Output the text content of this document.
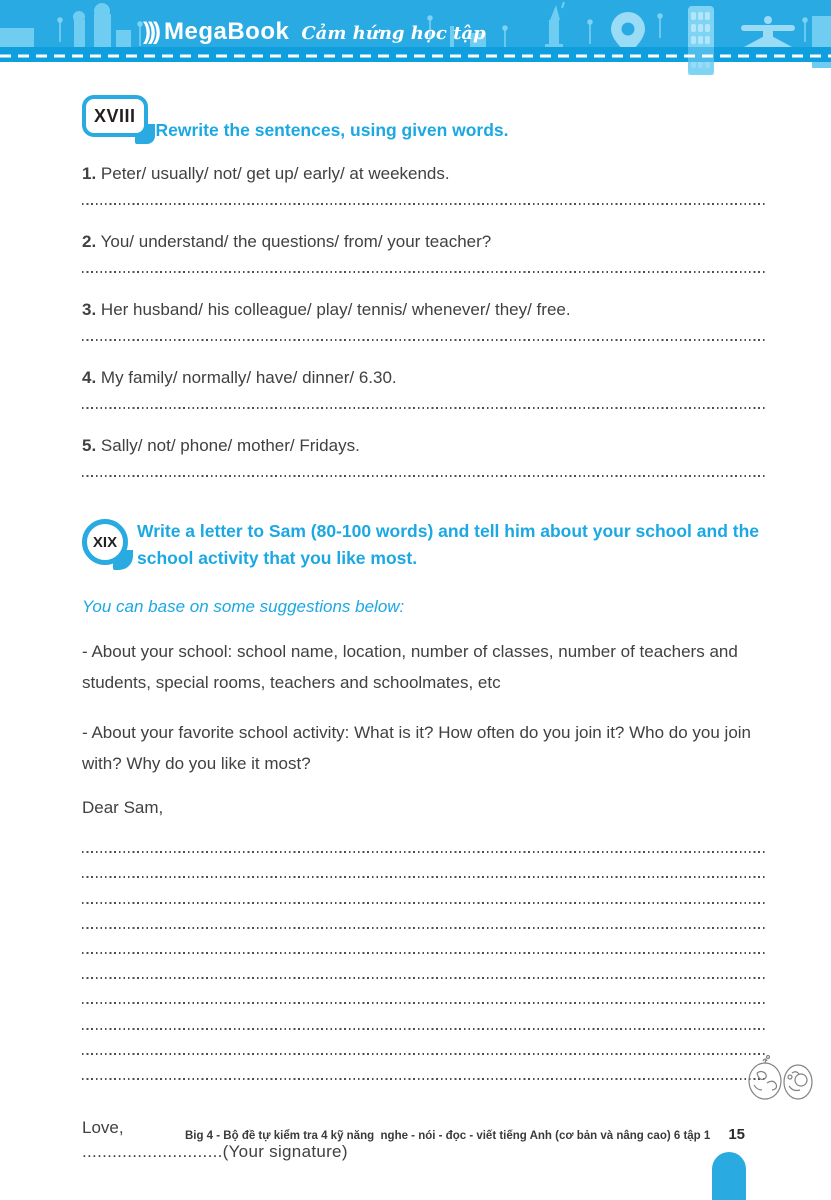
))) MegaBook Cảm hứng học tập
XVIII
Rewrite the sentences, using given words.

1. Peter/ usually/ not/ get up/ early/ at weekends.

2. You/ understand/ the questions/ from/ your teacher?

3. Her husband/ his colleague/ play/ tennis/ whenever/ they/ free.

4. My family/ normally/ have/ dinner/ 6.30.

5. Sally/ not/ phone/ mother/ Fridays.

XIX
Write a letter to Sam (80-100 words) and tell him about your school and the school activity that you like most.
You can base on some suggestions below:
- About your school: school name, location, number of classes, number of teachers and students, special rooms, teachers and schoolmates, etc
- About your favorite school activity: What is it? How often do you join it? Who do you join with? Why do you like it most?
Dear Sam,
Love,
............................(Your signature)
Big 4 - Bộ đề tự kiểm tra 4 kỹ năng  nghe - nói - đọc - viết tiếng Anh (cơ bản và nâng cao) 6 tập 1 15
